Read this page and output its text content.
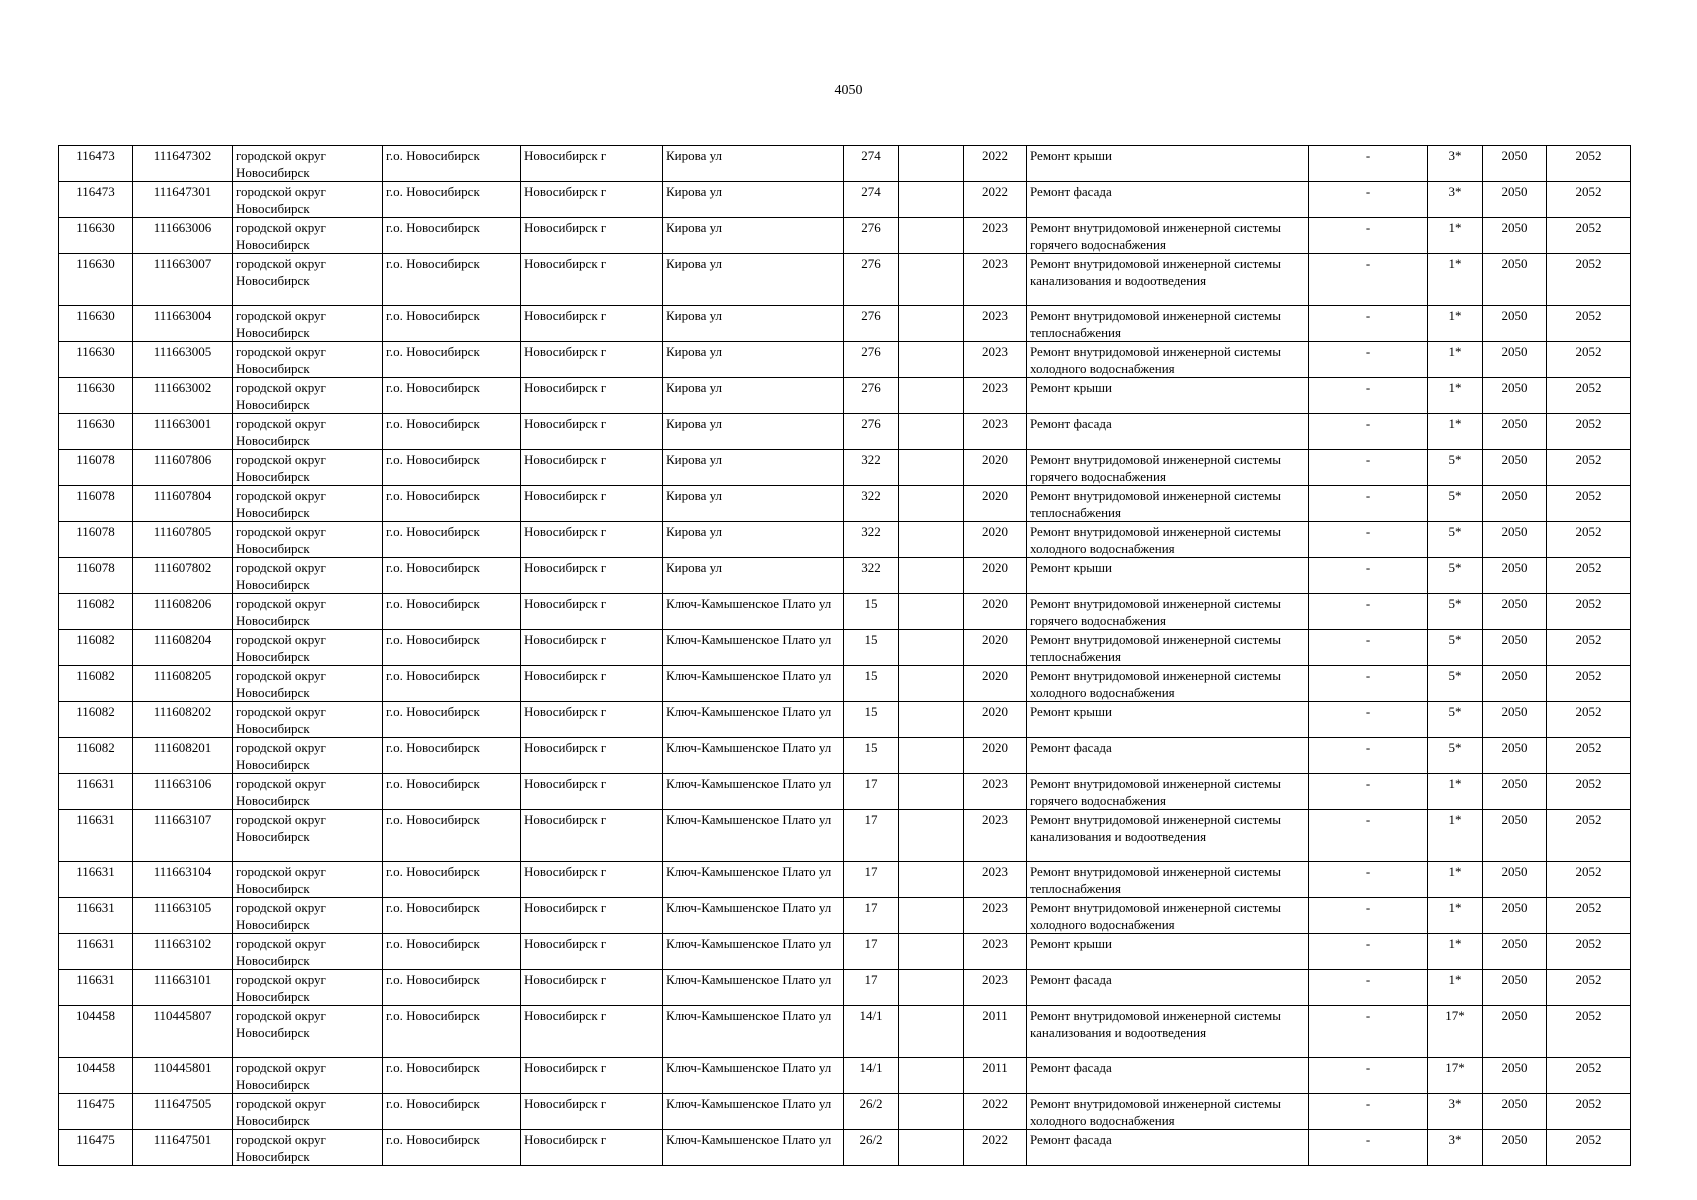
4050
116473	111647302	городской округ Новосибирск	г.о. Новосибирск	Новосибирск г	Кирова ул	274		2022	Ремонт крыши	-	3*	2050	2052
116473	111647301	городской округ Новосибирск	г.о. Новосибирск	Новосибирск г	Кирова ул	274		2022	Ремонт фасада	-	3*	2050	2052
116630	111663006	городской округ Новосибирск	г.о. Новосибирск	Новосибирск г	Кирова ул	276		2023	Ремонт внутридомовой инженерной системы горячего водоснабжения	-	1*	2050	2052
116630	111663007	городской округ Новосибирск	г.о. Новосибирск	Новосибирск г	Кирова ул	276		2023	Ремонт внутридомовой инженерной системы канализования и водоотведения	-	1*	2050	2052
116630	111663004	городской округ Новосибирск	г.о. Новосибирск	Новосибирск г	Кирова ул	276		2023	Ремонт внутридомовой инженерной системы теплоснабжения	-	1*	2050	2052
116630	111663005	городской округ Новосибирск	г.о. Новосибирск	Новосибирск г	Кирова ул	276		2023	Ремонт внутридомовой инженерной системы холодного водоснабжения	-	1*	2050	2052
116630	111663002	городской округ Новосибирск	г.о. Новосибирск	Новосибирск г	Кирова ул	276		2023	Ремонт крыши	-	1*	2050	2052
116630	111663001	городской округ Новосибирск	г.о. Новосибирск	Новосибирск г	Кирова ул	276		2023	Ремонт фасада	-	1*	2050	2052
116078	111607806	городской округ Новосибирск	г.о. Новосибирск	Новосибирск г	Кирова ул	322		2020	Ремонт внутридомовой инженерной системы горячего водоснабжения	-	5*	2050	2052
116078	111607804	городской округ Новосибирск	г.о. Новосибирск	Новосибирск г	Кирова ул	322		2020	Ремонт внутридомовой инженерной системы теплоснабжения	-	5*	2050	2052
116078	111607805	городской округ Новосибирск	г.о. Новосибирск	Новосибирск г	Кирова ул	322		2020	Ремонт внутридомовой инженерной системы холодного водоснабжения	-	5*	2050	2052
116078	111607802	городской округ Новосибирск	г.о. Новосибирск	Новосибирск г	Кирова ул	322		2020	Ремонт крыши	-	5*	2050	2052
116082	111608206	городской округ Новосибирск	г.о. Новосибирск	Новосибирск г	Ключ-Камышенское Плато ул	15		2020	Ремонт внутридомовой инженерной системы горячего водоснабжения	-	5*	2050	2052
116082	111608204	городской округ Новосибирск	г.о. Новосибирск	Новосибирск г	Ключ-Камышенское Плато ул	15		2020	Ремонт внутридомовой инженерной системы теплоснабжения	-	5*	2050	2052
116082	111608205	городской округ Новосибирск	г.о. Новосибирск	Новосибирск г	Ключ-Камышенское Плато ул	15		2020	Ремонт внутридомовой инженерной системы холодного водоснабжения	-	5*	2050	2052
116082	111608202	городской округ Новосибирск	г.о. Новосибирск	Новосибирск г	Ключ-Камышенское Плато ул	15		2020	Ремонт крыши	-	5*	2050	2052
116082	111608201	городской округ Новосибирск	г.о. Новосибирск	Новосибирск г	Ключ-Камышенское Плато ул	15		2020	Ремонт фасада	-	5*	2050	2052
116631	111663106	городской округ Новосибирск	г.о. Новосибирск	Новосибирск г	Ключ-Камышенское Плато ул	17		2023	Ремонт внутридомовой инженерной системы горячего водоснабжения	-	1*	2050	2052
116631	111663107	городской округ Новосибирск	г.о. Новосибирск	Новосибирск г	Ключ-Камышенское Плато ул	17		2023	Ремонт внутридомовой инженерной системы канализования и водоотведения	-	1*	2050	2052
116631	111663104	городской округ Новосибирск	г.о. Новосибирск	Новосибирск г	Ключ-Камышенское Плато ул	17		2023	Ремонт внутридомовой инженерной системы теплоснабжения	-	1*	2050	2052
116631	111663105	городской округ Новосибирск	г.о. Новосибирск	Новосибирск г	Ключ-Камышенское Плато ул	17		2023	Ремонт внутридомовой инженерной системы холодного водоснабжения	-	1*	2050	2052
116631	111663102	городской округ Новосибирск	г.о. Новосибирск	Новосибирск г	Ключ-Камышенское Плато ул	17		2023	Ремонт крыши	-	1*	2050	2052
116631	111663101	городской округ Новосибирск	г.о. Новосибирск	Новосибирск г	Ключ-Камышенское Плато ул	17		2023	Ремонт фасада	-	1*	2050	2052
104458	110445807	городской округ Новосибирск	г.о. Новосибирск	Новосибирск г	Ключ-Камышенское Плато ул	14/1		2011	Ремонт внутридомовой инженерной системы канализования и водоотведения	-	17*	2050	2052
104458	110445801	городской округ Новосибирск	г.о. Новосибирск	Новосибирск г	Ключ-Камышенское Плато ул	14/1		2011	Ремонт фасада	-	17*	2050	2052
116475	111647505	городской округ Новосибирск	г.о. Новосибирск	Новосибирск г	Ключ-Камышенское Плато ул	26/2		2022	Ремонт внутридомовой инженерной системы холодного водоснабжения	-	3*	2050	2052
116475	111647501	городской округ Новосибирск	г.о. Новосибирск	Новосибирск г	Ключ-Камышенское Плато ул	26/2		2022	Ремонт фасада	-	3*	2050	2052
